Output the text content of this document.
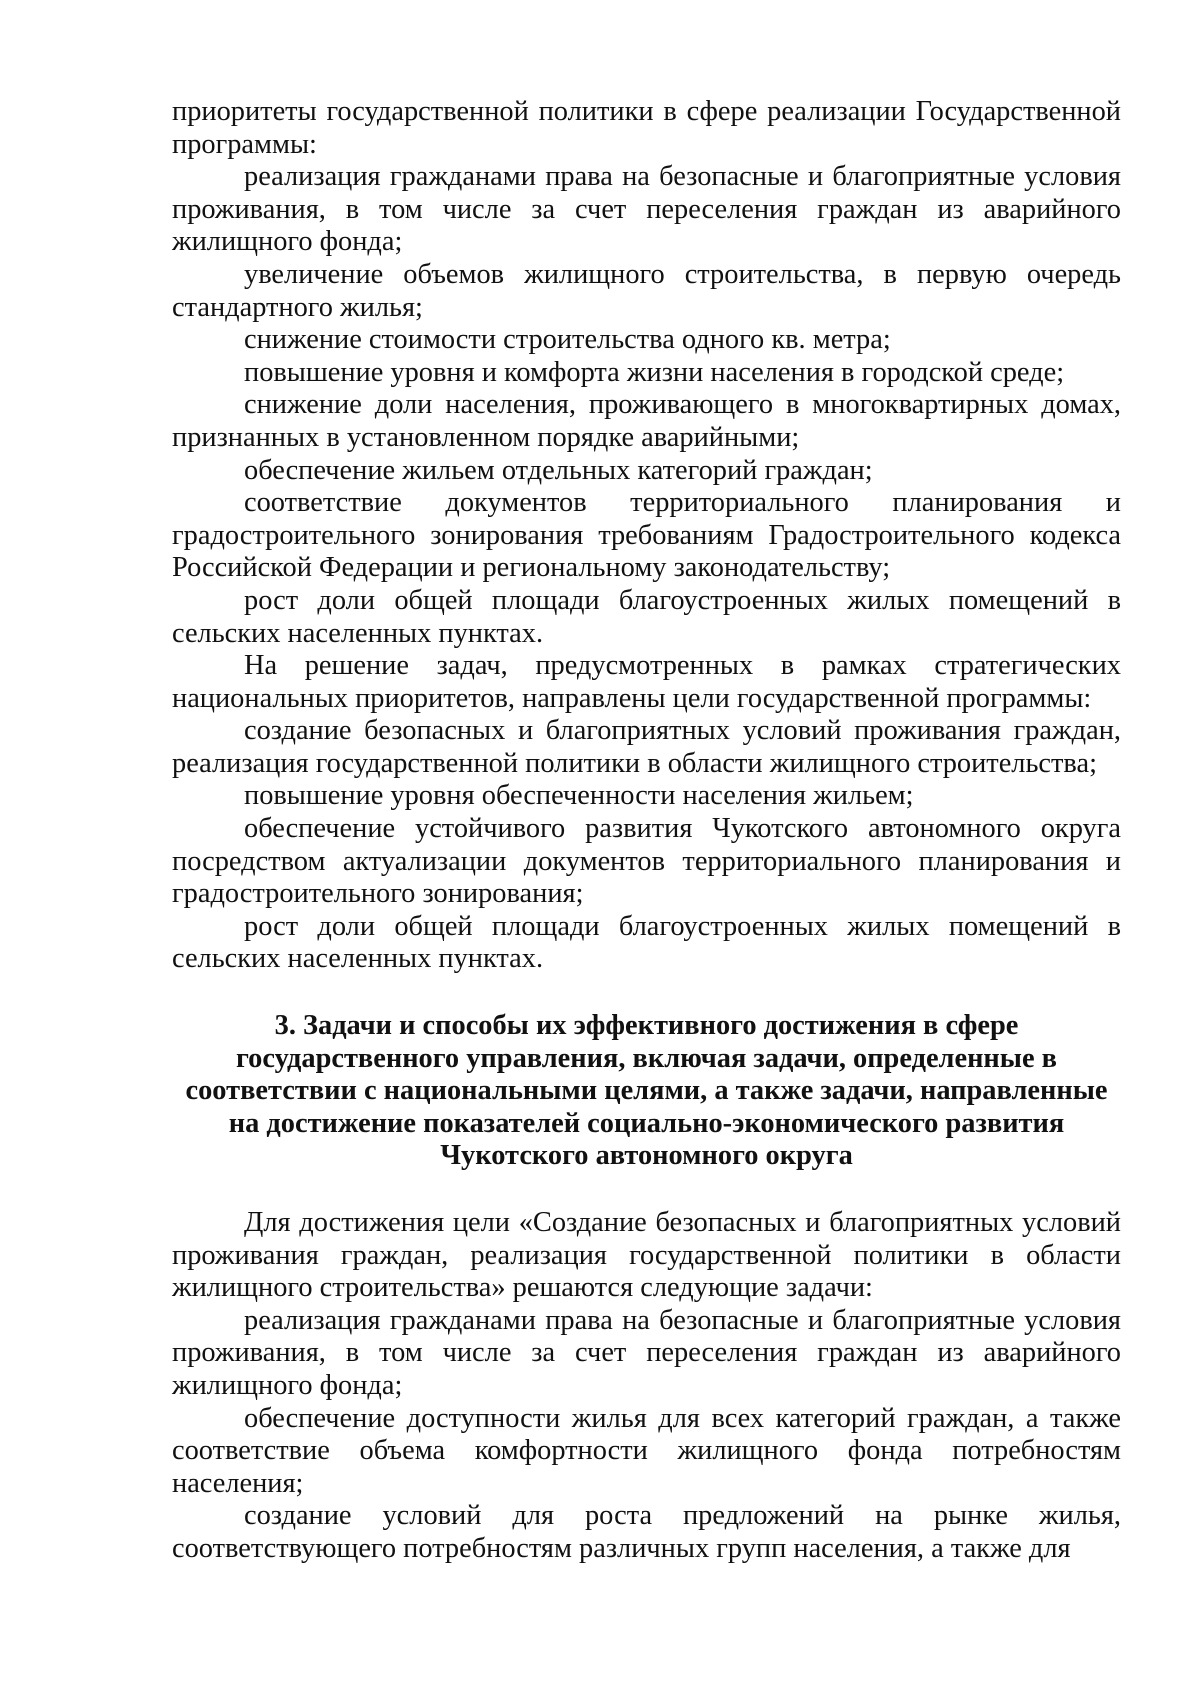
приоритеты государственной политики в сфере реализации Государственной программы:

реализация гражданами права на безопасные и благоприятные условия проживания, в том числе за счет переселения граждан из аварийного жилищного фонда;

увеличение объемов жилищного строительства, в первую очередь стандартного жилья;

снижение стоимости строительства одного кв. метра;

повышение уровня и комфорта жизни населения в городской среде;

снижение доли населения, проживающего в многоквартирных домах, признанных в установленном порядке аварийными;

обеспечение жильем отдельных категорий граждан;

соответствие документов территориального планирования и градостроительного зонирования требованиям Градостроительного кодекса Российской Федерации и региональному законодательству;

рост доли общей площади благоустроенных жилых помещений в сельских населенных пунктах.

На решение задач, предусмотренных в рамках стратегических национальных приоритетов, направлены цели государственной программы:

создание безопасных и благоприятных условий проживания граждан, реализация государственной политики в области жилищного строительства;

повышение уровня обеспеченности населения жильем;

обеспечение устойчивого развития Чукотского автономного округа посредством актуализации документов территориального планирования и градостроительного зонирования;

рост доли общей площади благоустроенных жилых помещений в сельских населенных пунктах.

3. Задачи и способы их эффективного достижения в сфере
государственного управления, включая задачи, определенные в
соответствии с национальными целями, а также задачи, направленные
на достижение показателей социально-экономического развития
Чукотского автономного округа

Для достижения цели «Создание безопасных и благоприятных условий проживания граждан, реализация государственной политики в области жилищного строительства» решаются следующие задачи:

реализация гражданами права на безопасные и благоприятные условия проживания, в том числе за счет переселения граждан из аварийного жилищного фонда;

обеспечение доступности жилья для всех категорий граждан, а также соответствие объема комфортности жилищного фонда потребностям населения;

создание условий для роста предложений на рынке жилья, соответствующего потребностям различных групп населения, а также для
